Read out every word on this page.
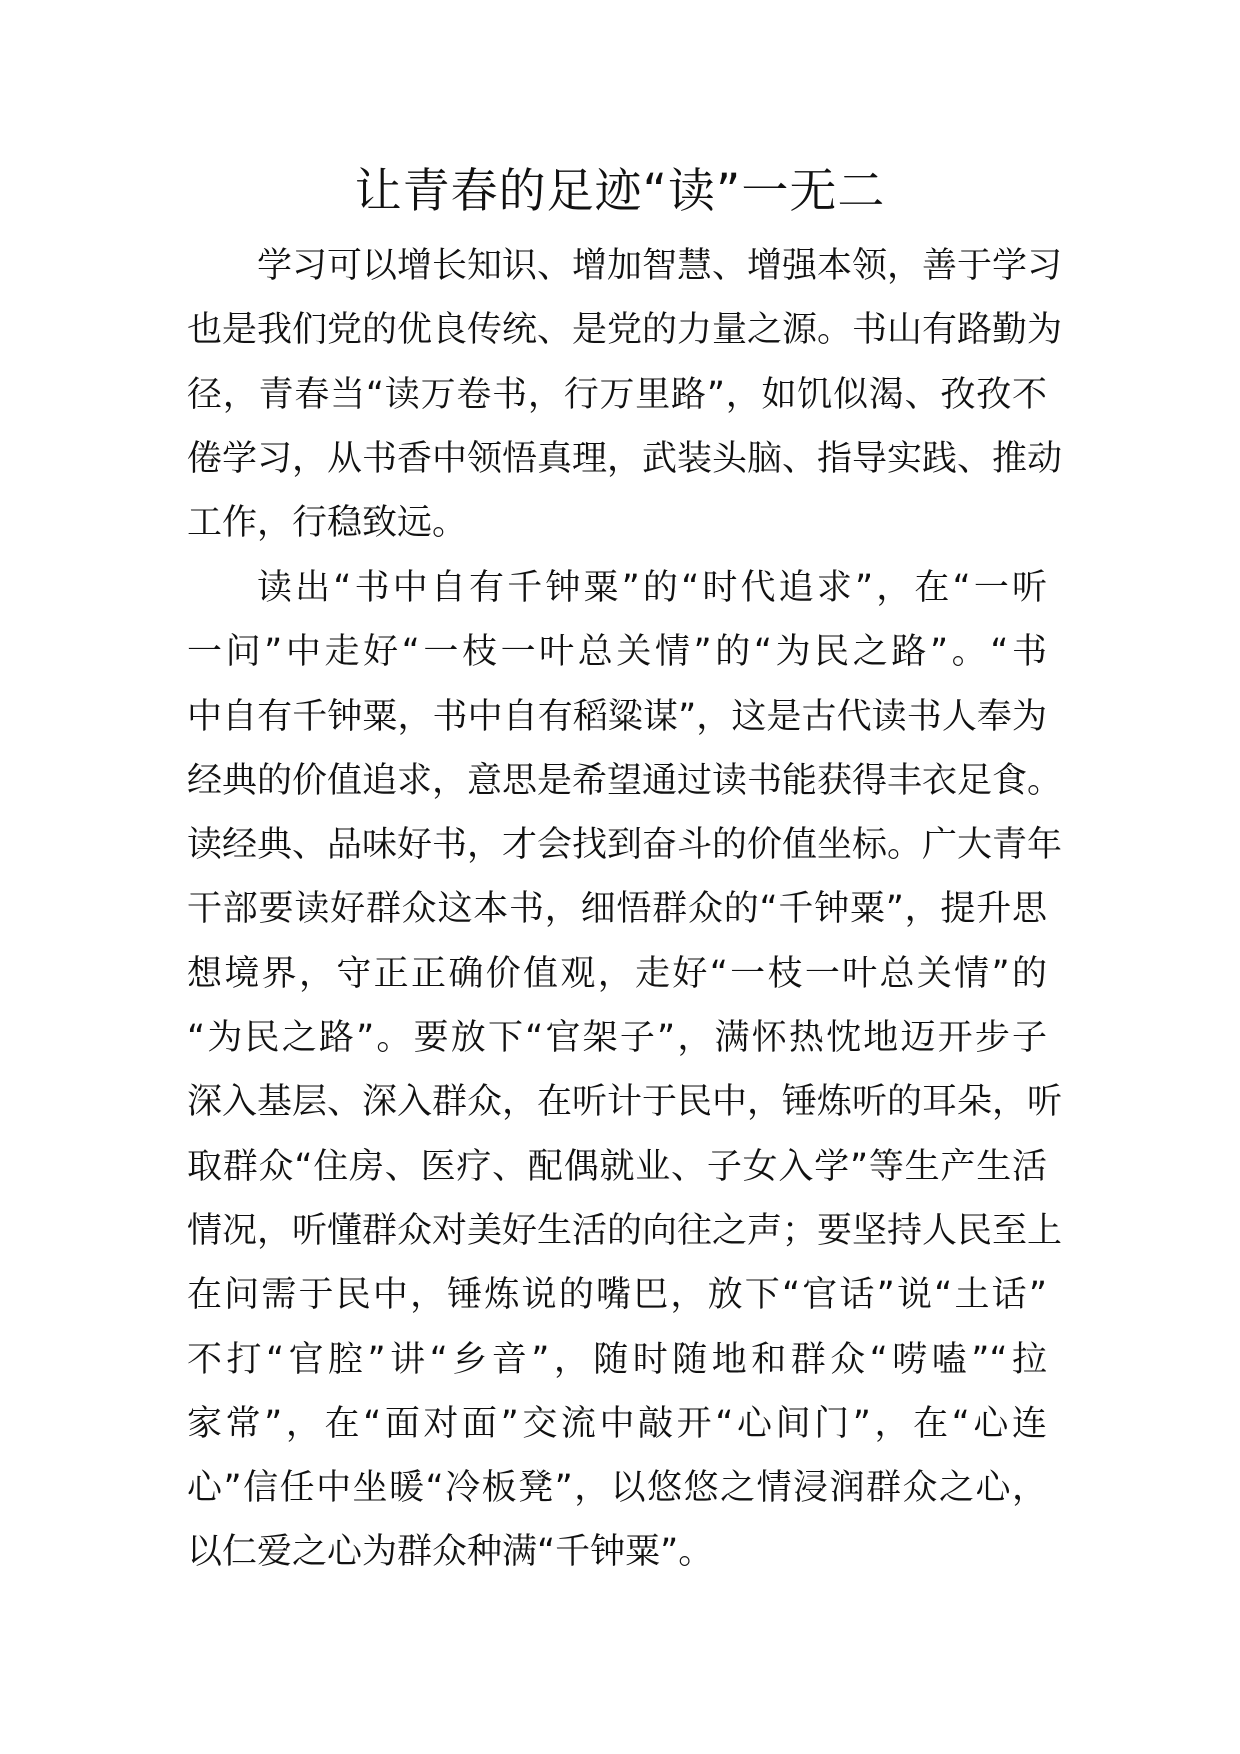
让青春的足迹“读”一无二
学习可以增长知识、增加智慧、增强本领，善于学习
也是我们党的优良传统、是党的力量之源。书山有路勤为
径，青春当“读万卷书，行万里路”，如饥似渴、孜孜不
倦学习，从书香中领悟真理，武装头脑、指导实践、推动
工作，行稳致远。
读出“书中自有千钟粟”的“时代追求”，在“一听
一问”中走好“一枝一叶总关情”的“为民之路”。“书
中自有千钟粟，书中自有稻粱谋”，这是古代读书人奉为
经典的价值追求，意思是希望通过读书能获得丰衣足食。
读经典、品味好书，才会找到奋斗的价值坐标。广大青年
干部要读好群众这本书，细悟群众的“千钟粟”，提升思
想境界，守正正确价值观，走好“一枝一叶总关情”的
“为民之路”。要放下“官架子”，满怀热忱地迈开步子
深入基层、深入群众，在听计于民中，锤炼听的耳朵，听
取群众“住房、医疗、配偶就业、子女入学”等生产生活
情况，听懂群众对美好生活的向往之声；要坚持人民至上
在问需于民中，锤炼说的嘴巴，放下“官话”说“土话”
不打“官腔”讲“乡音”，随时随地和群众“唠嗑”“拉
家常”，在“面对面”交流中敲开“心间门”，在“心连
心”信任中坐暖“冷板凳”，以悠悠之情浸润群众之心，
以仁爱之心为群众种满“千钟粟”。
